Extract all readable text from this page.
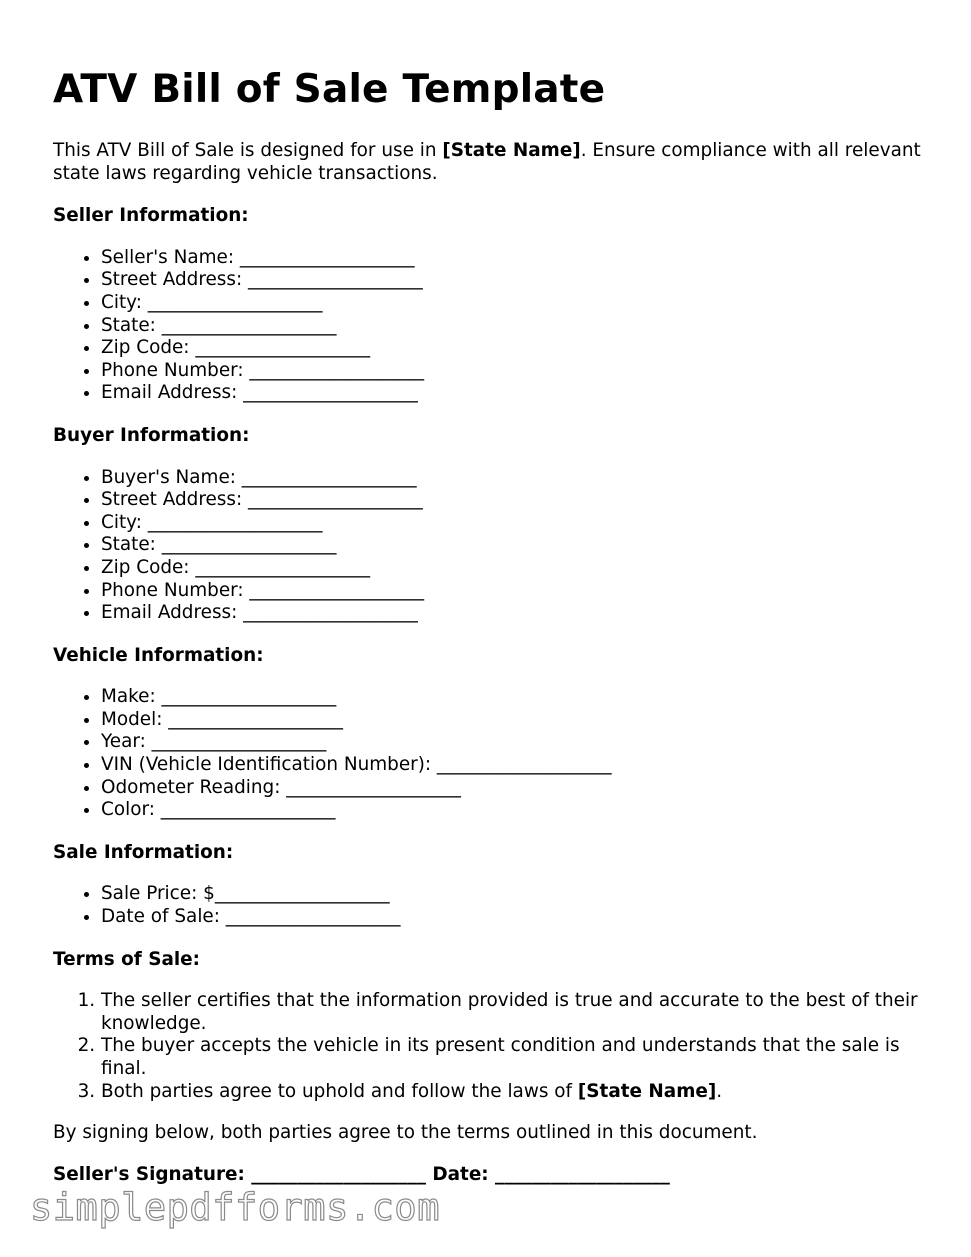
ATV Bill of Sale Template

This ATV Bill of Sale is designed for use in [State Name]. Ensure compliance with all relevant state laws regarding vehicle transactions.

Seller Information:

• Seller's Name: ___________________
• Street Address: ___________________
• City: ___________________
• State: ___________________
• Zip Code: ___________________
• Phone Number: ___________________
• Email Address: ___________________

Buyer Information:

• Buyer's Name: ___________________
• Street Address: ___________________
• City: ___________________
• State: ___________________
• Zip Code: ___________________
• Phone Number: ___________________
• Email Address: ___________________

Vehicle Information:

• Make: ___________________
• Model: ___________________
• Year: ___________________
• VIN (Vehicle Identification Number): ___________________
• Odometer Reading: ___________________
• Color: ___________________

Sale Information:

• Sale Price: $___________________
• Date of Sale: ___________________

Terms of Sale:

1. The seller certifies that the information provided is true and accurate to the best of their knowledge.
2. The buyer accepts the vehicle in its present condition and understands that the sale is final.
3. Both parties agree to uphold and follow the laws of [State Name].

By signing below, both parties agree to the terms outlined in this document.

Seller's Signature: ___________________ Date: ___________________

simplepdfforms.com
